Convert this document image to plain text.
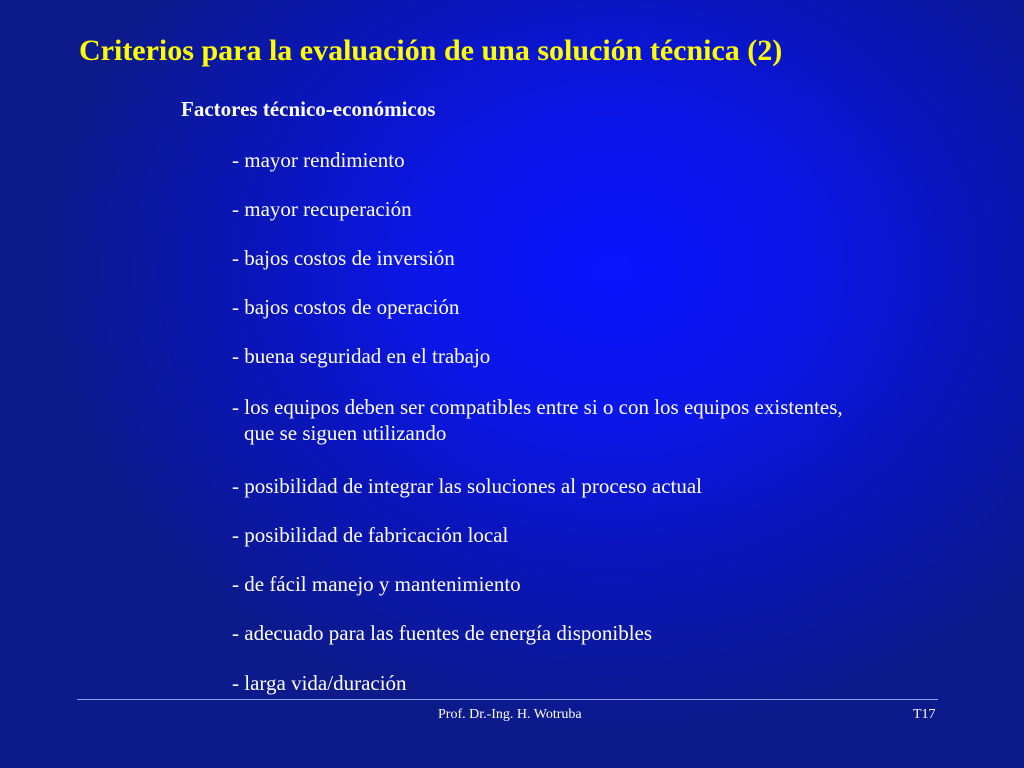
Criterios para la evaluación de una solución técnica (2)
Factores técnico-económicos
- mayor rendimiento
- mayor recuperación
- bajos costos de inversión
- bajos costos de operación
- buena seguridad en el trabajo
- los equipos deben ser compatibles entre si o con los equipos existentes,
que se siguen utilizando
- posibilidad de integrar las soluciones al proceso actual
- posibilidad de fabricación local
- de fácil manejo y mantenimiento
- adecuado para las fuentes de energía disponibles
- larga vida/duración
Prof. Dr.-Ing. H. Wotruba	T17
